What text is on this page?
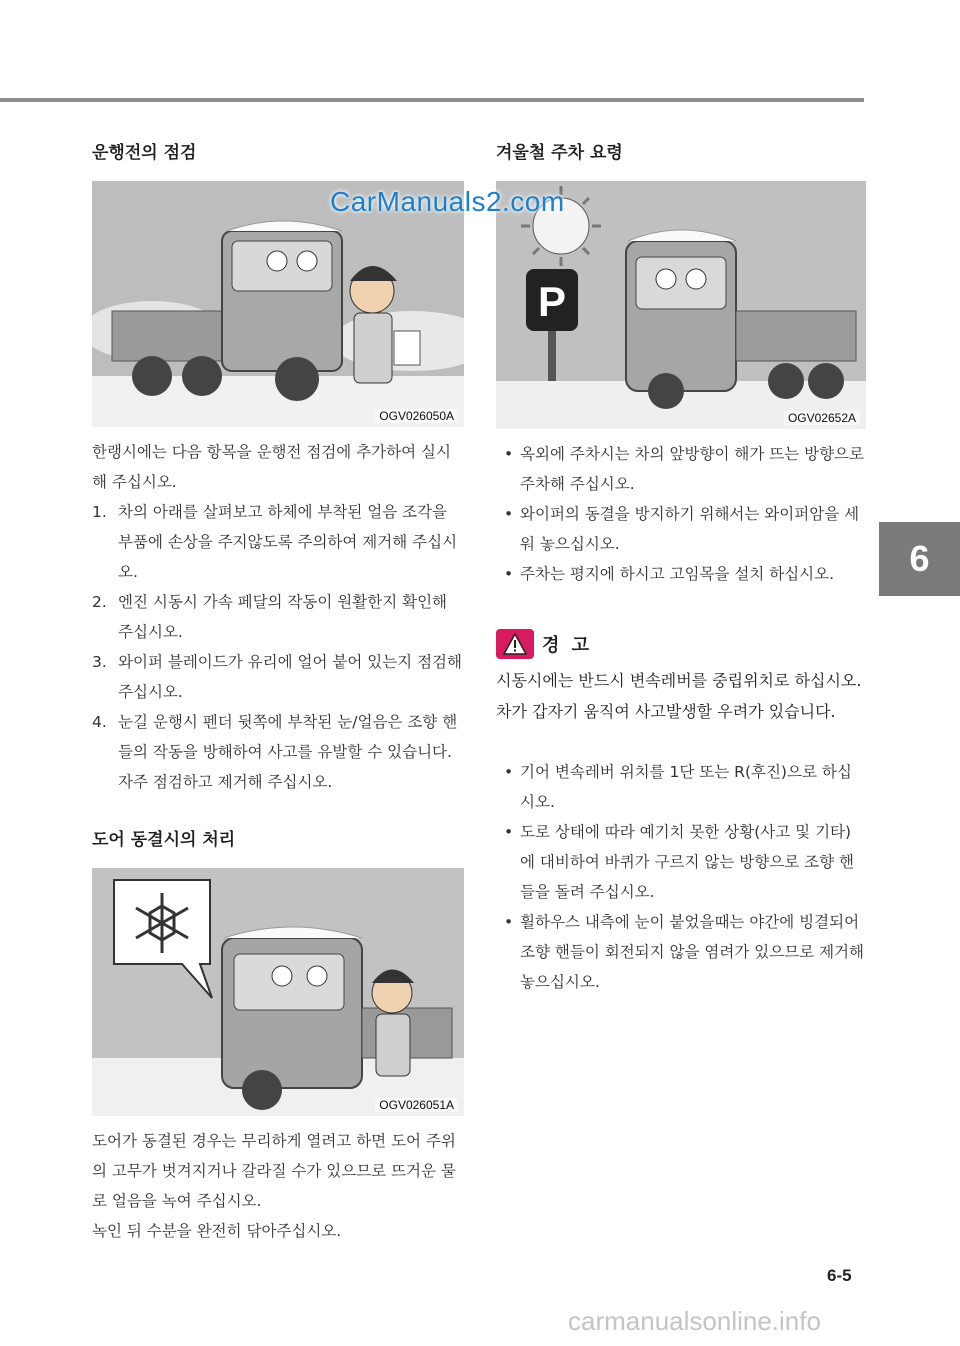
CarManuals2.com
6
운행전의 점검
OGV026050A

한랭시에는 다음 항목을 운행전 점검에 추가하여 실시해 주십시오.

1. 차의 아래를 살펴보고 하체에 부착된 얼음 조각을 부품에 손상을 주지않도록 주의하여 제거해 주십시오.
2. 엔진 시동시 가속 페달의 작동이 원활한지 확인해 주십시오.
3. 와이퍼 블레이드가 유리에 얼어 붙어 있는지 점검해 주십시오.
4. 눈길 운행시 펜더 뒷쪽에 부착된 눈/얼음은 조향 핸들의 작동을 방해하여 사고를 유발할 수 있습니다. 자주 점검하고 제거해 주십시오.
도어 동결시의 처리
OGV026051A

도어가 동결된 경우는 무리하게 열려고 하면 도어 주위의 고무가 벗겨지거나 갈라질 수가 있으므로 뜨거운 물로 얼음을 녹여 주십시오.

녹인 뒤 수분을 완전히 닦아주십시오.

겨울철 주차 요령
P
OGV02652A
• 옥외에 주차시는 차의 앞방향이 해가 뜨는 방향으로 주차해 주십시오.
• 와이퍼의 동결을 방지하기 위해서는 와이퍼암을 세워 놓으십시오.
• 주차는 평지에 하시고 고임목을 설치 하십시오.
경 고

시동시에는 반드시 변속레버를 중립위치로 하십시오. 차가 갑자기 움직여 사고발생할 우려가 있습니다.

• 기어 변속레버 위치를 1단 또는 R(후진)으로 하십시오.
• 도로 상태에 따라 예기치 못한 상황(사고 및 기타)에 대비하여 바퀴가 구르지 않는 방향으로 조향 핸들을 돌려 주십시오.
• 휠하우스 내측에 눈이 붙었을때는 야간에 빙결되어 조향 핸들이 회전되지 않을 염려가 있으므로 제거해 놓으십시오.
6-5
carmanualsonline.info
